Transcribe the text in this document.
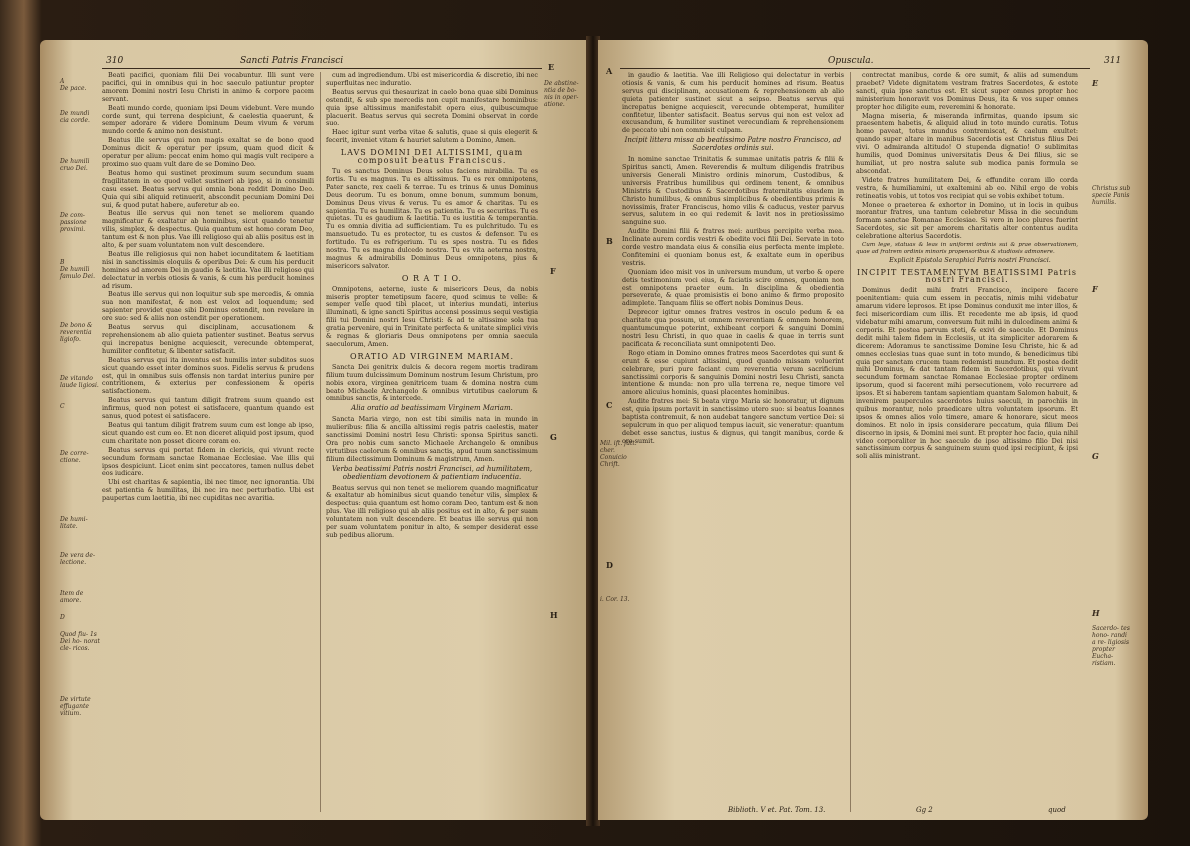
310	Sancti Patris Francisci
A
De pace.
De mundi cia corde.
De humili cruo Dei.
De com- passione proximi.
B
De humili famulo Dei.
De bono & reverentia ligiofo.
De vitando laude ligiosi.
C
De corre- ctione.
De humi- litate.
De vera de- lectione.
Item de amore.
D
Quod fiu- 1s Dei ho- norat cle- ricos.
De virtute effugante vitium.

Beati pacifici, quoniam filii Dei vocabuntur. Illi sunt vere pacifici, qui in omnibus qui in hoc saeculo patiuntur propter amorem Domini nostri Iesu Christi in animo & corpore pacem servant.

Beati mundo corde, quoniam ipsi Deum videbunt. Vere mundo corde sunt, qui terrena despiciunt, & caelestia quaerunt, & semper adorare & videre Dominum Deum vivum & verum mundo corde & animo non desistunt.

Beatus ille servus qui non magis exaltat se de bono quod Dominus dicit & operatur per ipsum, quam quod dicit & operatur per alium: peccat enim homo qui magis vult recipere a proximo suo quam vult dare de se Domino Deo.

Beatus homo qui sustinet proximum suum secundum suam fragilitatem in eo quod vellet sustineri ab ipso, si in consimili casu esset. Beatus servus qui omnia bona reddit Domino Deo. Quia qui sibi aliquid retinuerit, abscondit pecuniam Domini Dei sui, & quod putat habere, auferetur ab eo.

Beatus ille servus qui non tenet se meliorem quando magnificatur & exaltatur ab hominibus, sicut quando tenetur vilis, simplex, & despectus. Quia quantum est homo coram Deo, tantum est & non plus. Vae illi religioso qui ab aliis positus est in alto, & per suam voluntatem non vult descendere.

Beatus ille religiosus qui non habet iocunditatem & laetitiam nisi in sanctissimis eloquiis & operibus Dei: & cum his perducit homines ad amorem Dei in gaudio & laetitia. Vae illi religioso qui delectatur in verbis otiosis & vanis, & cum his perducit homines ad risum.

Beatus ille servus qui non loquitur sub spe mercedis, & omnia sua non manifestat, & non est velox ad loquendum; sed sapienter providet quae sibi Dominus ostendit, non revelare in ore suo: sed & aliis non ostendit per operationem.

Beatus servus qui disciplinam, accusationem & reprehensionem ab alio quieta patienter sustinet. Beatus servus qui increpatus benigne acquiescit, verecunde obtemperat, humiliter confitetur, & libenter satisfacit.

Beatus servus qui ita inventus est humilis inter subditos suos sicut quando esset inter dominos suos. Fidelis servus & prudens est, qui in omnibus suis offensis non tardat interius punire per contritionem, & exterius per confessionem & operis satisfactionem.

Beatus servus qui tantum diligit fratrem suum quando est infirmus, quod non potest ei satisfacere, quantum quando est sanus, quod potest ei satisfacere.

Beatus qui tantum diligit fratrem suum cum est longe ab ipso, sicut quando est cum eo. Et non diceret aliquid post ipsum, quod cum charitate non posset dicere coram eo.

Beatus servus qui portat fidem in clericis, qui vivunt recte secundum formam sanctae Romanae Ecclesiae. Vae illis qui ipsos despiciunt. Licet enim sint peccatores, tamen nullus debet eos iudicare.

Ubi est charitas & sapientia, ibi nec timor, nec ignorantia. Ubi est patientia & humilitas, ibi nec ira nec perturbatio. Ubi est paupertas cum laetitia, ibi nec cupiditas nec avaritia.

cum ad ingrediendum. Ubi est misericordia & discretio, ibi nec superfluitas nec induratio.

Beatus servus qui thesaurizat in caelo bona quae sibi Dominus ostendit, & sub spe mercedis non cupit manifestare hominibus: quia ipse altissimus manifestabit opera eius, quibuscumque placuerit. Beatus servus qui secreta Domini observat in corde suo.

Haec igitur sunt verba vitae & salutis, quae si quis elegerit & fecerit, inveniet vitam & hauriet salutem a Domino, Amen.

LAVS DOMINI DEI ALTISSIMI, quam composuit beatus Franciscus.

Tu es sanctus Dominus Deus solus faciens mirabilia. Tu es fortis. Tu es magnus. Tu es altissimus. Tu es rex omnipotens, Pater sancte, rex caeli & terrae. Tu es trinus & unus Dominus Deus deorum. Tu es bonum, omne bonum, summum bonum, Dominus Deus vivus & verus. Tu es amor & charitas. Tu es sapientia. Tu es humilitas. Tu es patientia. Tu es securitas. Tu es quietas. Tu es gaudium & laetitia. Tu es iustitia & temperantia. Tu es omnia divitia ad sufficientiam. Tu es pulchritudo. Tu es mansuetudo. Tu es protector, tu es custos & defensor. Tu es fortitudo. Tu es refrigerium. Tu es spes nostra. Tu es fides nostra. Tu es magna dulcedo nostra. Tu es vita aeterna nostra, magnus & admirabilis Dominus Deus omnipotens, pius & misericors salvator.

O R A T I O.

Omnipotens, aeterne, iuste & misericors Deus, da nobis miseris propter temetipsum facere, quod scimus te velle: & semper velle quod tibi placet, ut interius mundati, interius illuminati, & igne sancti Spiritus accensi possimus sequi vestigia filii tui Domini nostri Iesu Christi: & ad te altissime sola tua gratia pervenire, qui in Trinitate perfecta & unitate simplici vivis & regnas & gloriaris Deus omnipotens per omnia saecula saeculorum, Amen.

ORATIO AD VIRGINEM MARIAM.

Sancta Dei genitrix dulcis & decora regem mortis tradiram filium tuum dulcissimum Dominum nostrum Iesum Christum, pro nobis exora, virginea genitricem tuam & domina nostra cum beato Michaele Archangelo & omnibus virtutibus caelorum & omnibus sanctis, & intercede.

Alia oratio ad beatissimam Virginem Mariam.

Sancta Maria virgo, non est tibi similis nata in mundo in mulieribus: filia & ancilla altissimi regis patris caelestis, mater sanctissimi Domini nostri Iesu Christi: sponsa Spiritus sancti. Ora pro nobis cum sancto Michaele Archangelo & omnibus virtutibus caelorum & omnibus sanctis, apud tuum sanctissimum filium dilectissimum Dominum & magistrum, Amen.

Verba beatissimi Patris nostri Francisci, ad humilitatem, obedientiam devotionem & patientiam inducentia.

Beatus servus qui non tenet se meliorem quando magnificatur & exaltatur ab hominibus sicut quando tenetur vilis, simplex & despectus: quia quantum est homo coram Deo, tantum est & non plus. Vae illi religioso qui ab aliis positus est in alto, & per suam voluntatem non vult descendere. Et beatus ille servus qui non per suam voluntatem ponitur in alto, & semper desiderat esse sub pedibus aliorum.

E
De abstine- ntia de bo- nis in oper- atione.
F
G
H
Opuscula.	311
A
B
C
Mil. ift. fatt. cher. Conuicio Chrift.
D
i. Cor. 13.

in gaudio & laetitia. Vae illi Religioso qui delectatur in verbis otiosis & vanis, & cum his perducit homines ad risum. Beatus servus qui disciplinam, accusationem & reprehensionem ab alio quieta patienter sustinet sicut a seipso. Beatus servus qui increpatus benigne acquiescit, verecunde obtemperat, humiliter confitetur, libenter satisfacit. Beatus servus qui non est velox ad excusandum, & humiliter sustinet verecundiam & reprehensionem de peccato ubi non commisit culpam.

Incipit littera missa ab beatissimo Patre nostro Francisco, ad Sacerdotes ordinis sui.

In nomine sanctae Trinitatis & summae unitatis patris & filii & Spiritus sancti, Amen. Reverendis & multum diligendis fratribus universis Generali Ministro ordinis minorum, Custodibus, & universis Fratribus humilibus qui ordinem tenent, & omnibus Ministris & Custodibus & Sacerdotibus fraternitatis eiusdem in Christo humilibus, & omnibus simplicibus & obedientibus primis & novissimis, frater Franciscus, homo vilis & caducus, vester parvus servus, salutem in eo qui redemit & lavit nos in pretiosissimo sanguine suo.

Audite Domini filii & fratres mei: auribus percipite verba mea. Inclinate aurem cordis vestri & obedite voci filii Dei. Servate in toto corde vestro mandata eius & consilia eius perfecta mente implete. Confitemini ei quoniam bonus est, & exaltate eum in operibus vestris.

Quoniam ideo misit vos in universum mundum, ut verbo & opere detis testimonium voci eius, & faciatis scire omnes, quoniam non est omnipotens praeter eum. In disciplina & obedientia perseverate, & quae promisistis ei bono animo & firmo proposito adimplete. Tanquam filiis se offert nobis Dominus Deus.

Deprecor igitur omnes fratres vestros in osculo pedum & ea charitate qua possum, ut omnem reverentiam & omnem honorem, quantumcumque poterint, exhibeant corpori & sanguini Domini nostri Iesu Christi, in quo quae in caelis & quae in terris sunt pacificata & reconciliata sunt omnipotenti Deo.

Rogo etiam in Domino omnes fratres meos Sacerdotes qui sunt & erunt & esse cupiunt altissimi, quod quando missam voluerint celebrare, puri pure faciant cum reverentia verum sacrificium sanctissimi corporis & sanguinis Domini nostri Iesu Christi, sancta intentione & munda: non pro ulla terrena re, neque timore vel amore alicuius hominis, quasi placentes hominibus.

Audite fratres mei: Si beata virgo Maria sic honoratur, ut dignum est, quia ipsum portavit in sanctissimo utero suo: si beatus Ioannes baptista contremuit, & non audebat tangere sanctum vertice Dei: si sepulcrum in quo per aliquod tempus iacuit, sic veneratur: quantum debet esse sanctus, iustus & dignus, qui tangit manibus, corde & ore sumit.

contrectat manibus, corde & ore sumit, & aliis ad sumendum praebet? Videte dignitatem vestram fratres Sacerdotes, & estote sancti, quia ipse sanctus est. Et sicut super omnes propter hoc ministerium honoravit vos Dominus Deus, ita & vos super omnes propter hoc diligite eum, reveremini & honorate.

Magna miseria, & miseranda infirmitas, quando ipsum sic praesentem habetis, & aliquid aliud in toto mundo curatis. Totus homo paveat, totus mundus contremiscat, & caelum exultet: quando super altare in manibus Sacerdotis est Christus filius Dei vivi. O admiranda altitudo! O stupenda dignatio! O sublimitas humilis, quod Dominus universitatis Deus & Dei filius, sic se humiliat, ut pro nostra salute sub modica panis formula se abscondat.

Videte fratres humilitatem Dei, & effundite coram illo corda vestra, & humiliamini, ut exaltemini ab eo. Nihil ergo de vobis retineatis vobis, ut totos vos recipiat qui se vobis exhibet totum.

Monee o praeterea & exhortor in Domino, ut in locis in quibus morantur fratres, una tantum celebretur Missa in die secundum formam sanctae Romanae Ecclesiae. Si vero in loco plures fuerint Sacerdotes, sic sit per amorem charitatis alter contentus audita celebratione alterius Sacerdotis.

Cum lege, statuas & leas in uniformi ordinis sui & prae observationem, quae ad fratrem ordinis minoris propensoribus & studiosis admonere.

Explicit Epistola Seraphici Patris nostri Francisci.

INCIPIT TESTAMENTVM BEATISSIMI Patris nostri Francisci.

Dominus dedit mihi fratri Francisco, incipere facere poenitentiam: quia cum essem in peccatis, nimis mihi videbatur amarum videre leprosos. Et ipse Dominus conduxit me inter illos, & feci misericordiam cum illis. Et recedente me ab ipsis, id quod videbatur mihi amarum, conversum fuit mihi in dulcedinem animi & corporis. Et postea parvum steti, & exivi de saeculo. Et Dominus dedit mihi talem fidem in Ecclesiis, ut ita simpliciter adorarem & dicerem: Adoramus te sanctissime Domine Iesu Christe, hic & ad omnes ecclesias tuas quae sunt in toto mundo, & benedicimus tibi quia per sanctam crucem tuam redemisti mundum. Et postea dedit mihi Dominus, & dat tantam fidem in Sacerdotibus, qui vivunt secundum formam sanctae Romanae Ecclesiae propter ordinem ipsorum, quod si facerent mihi persecutionem, volo recurrere ad ipsos. Et si haberem tantam sapientiam quantam Salomon habuit, & invenirem pauperculos sacerdotes huius saeculi, in parochiis in quibus morantur, nolo praedicare ultra voluntatem ipsorum. Et ipsos & omnes alios volo timere, amare & honorare, sicut meos dominos. Et nolo in ipsis considerare peccatum, quia filium Dei discerno in ipsis, & Domini mei sunt. Et propter hoc facio, quia nihil video corporaliter in hoc saeculo de ipso altissimo filio Dei nisi sanctissimum corpus & sanguinem suum quod ipsi recipiunt, & ipsi soli aliis ministrant.

E
Christus sub specie Panis humilis.
F
G
H
Sacerdo- tes hono- randi a re- ligiosis propter Eucha- ristiam.
Biblioth. V et. Pat. Tom. 13.	Gg 2	quod
